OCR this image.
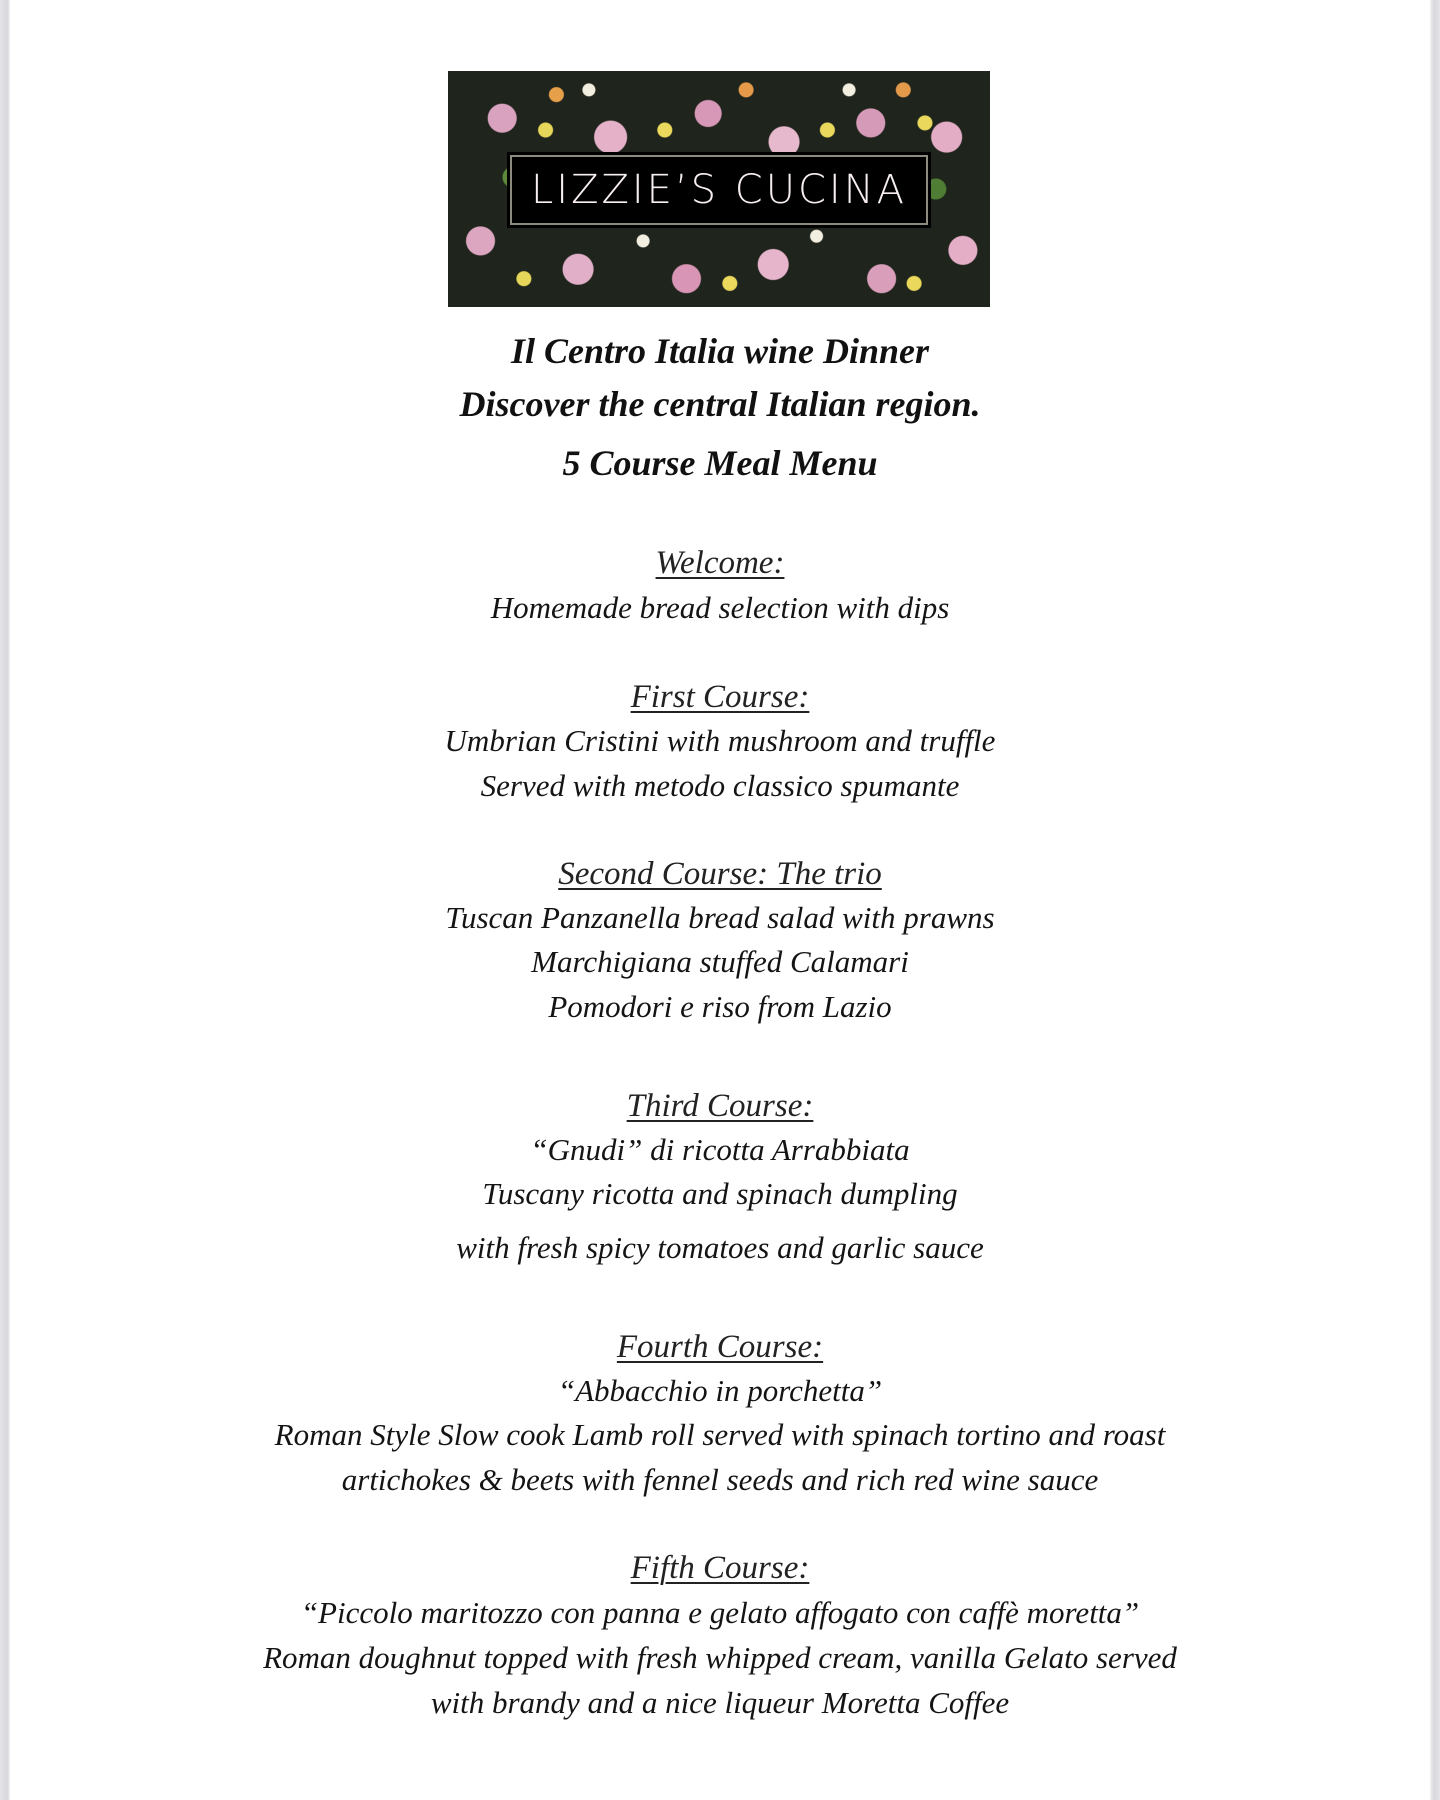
LIZZIE’S CUCINA
Il Centro Italia wine Dinner
Discover the central Italian region.
5 Course Meal Menu
Welcome:
Homemade bread selection with dips
First Course:
Umbrian Cristini with mushroom and truffle
Served with metodo classico spumante
Second Course: The trio
Tuscan Panzanella bread salad with prawns
Marchigiana stuffed Calamari
Pomodori e riso from Lazio
Third Course:
“Gnudi” di ricotta Arrabbiata
Tuscany ricotta and spinach dumpling
with fresh spicy tomatoes and garlic sauce
Fourth Course:
“Abbacchio in porchetta”
Roman Style Slow cook Lamb roll served with spinach tortino and roast
artichokes & beets with fennel seeds and rich red wine sauce
Fifth Course:
“Piccolo maritozzo con panna e gelato affogato con caffè moretta”
Roman doughnut topped with fresh whipped cream, vanilla Gelato served
with brandy and a nice liqueur Moretta Coffee
